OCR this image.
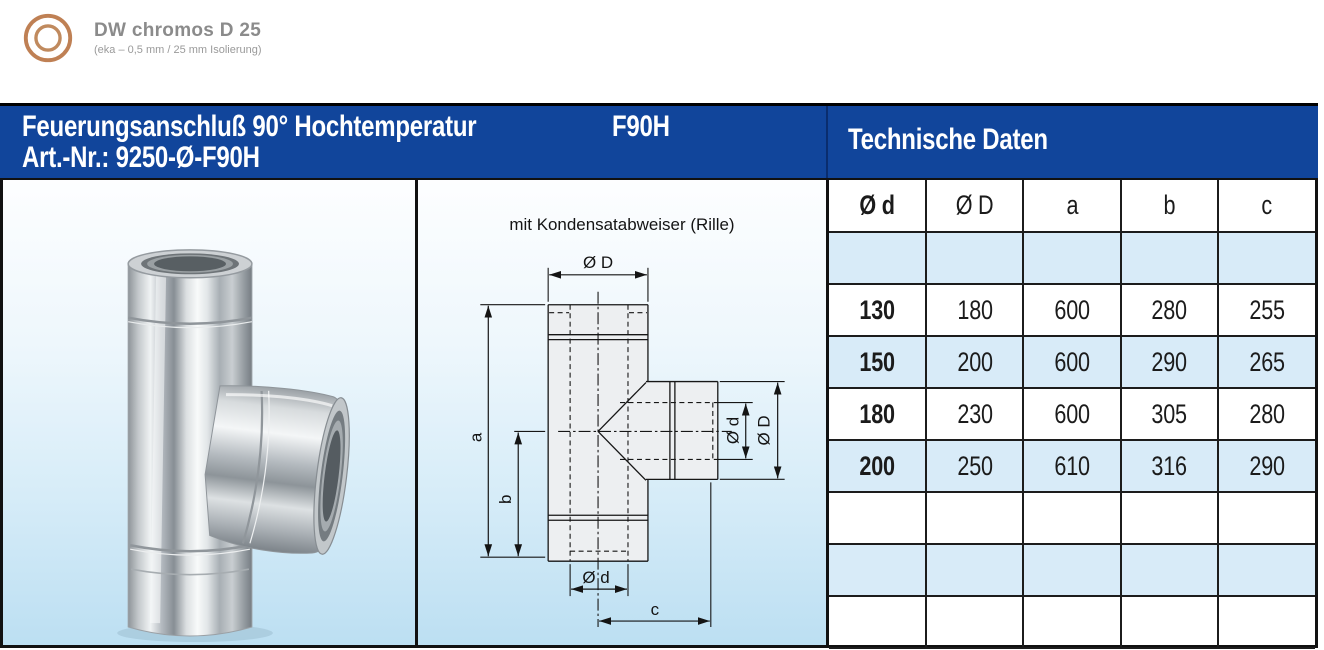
DW chromos D 25
(eka – 0,5 mm / 25 mm Isolierung)
Feuerungsanschluß 90° Hochtemperatur	F90H
Art.-Nr.: 9250-Ø-F90H
Technische Daten
mit Kondensatabweiser (Rille)
Ø D
a
b
Ø d
c
Ø d Ø D
Ø d	Ø D	a	b	c

130	180	600	280	255
150	200	600	290	265
180	230	600	305	280
200	250	610	316	290
